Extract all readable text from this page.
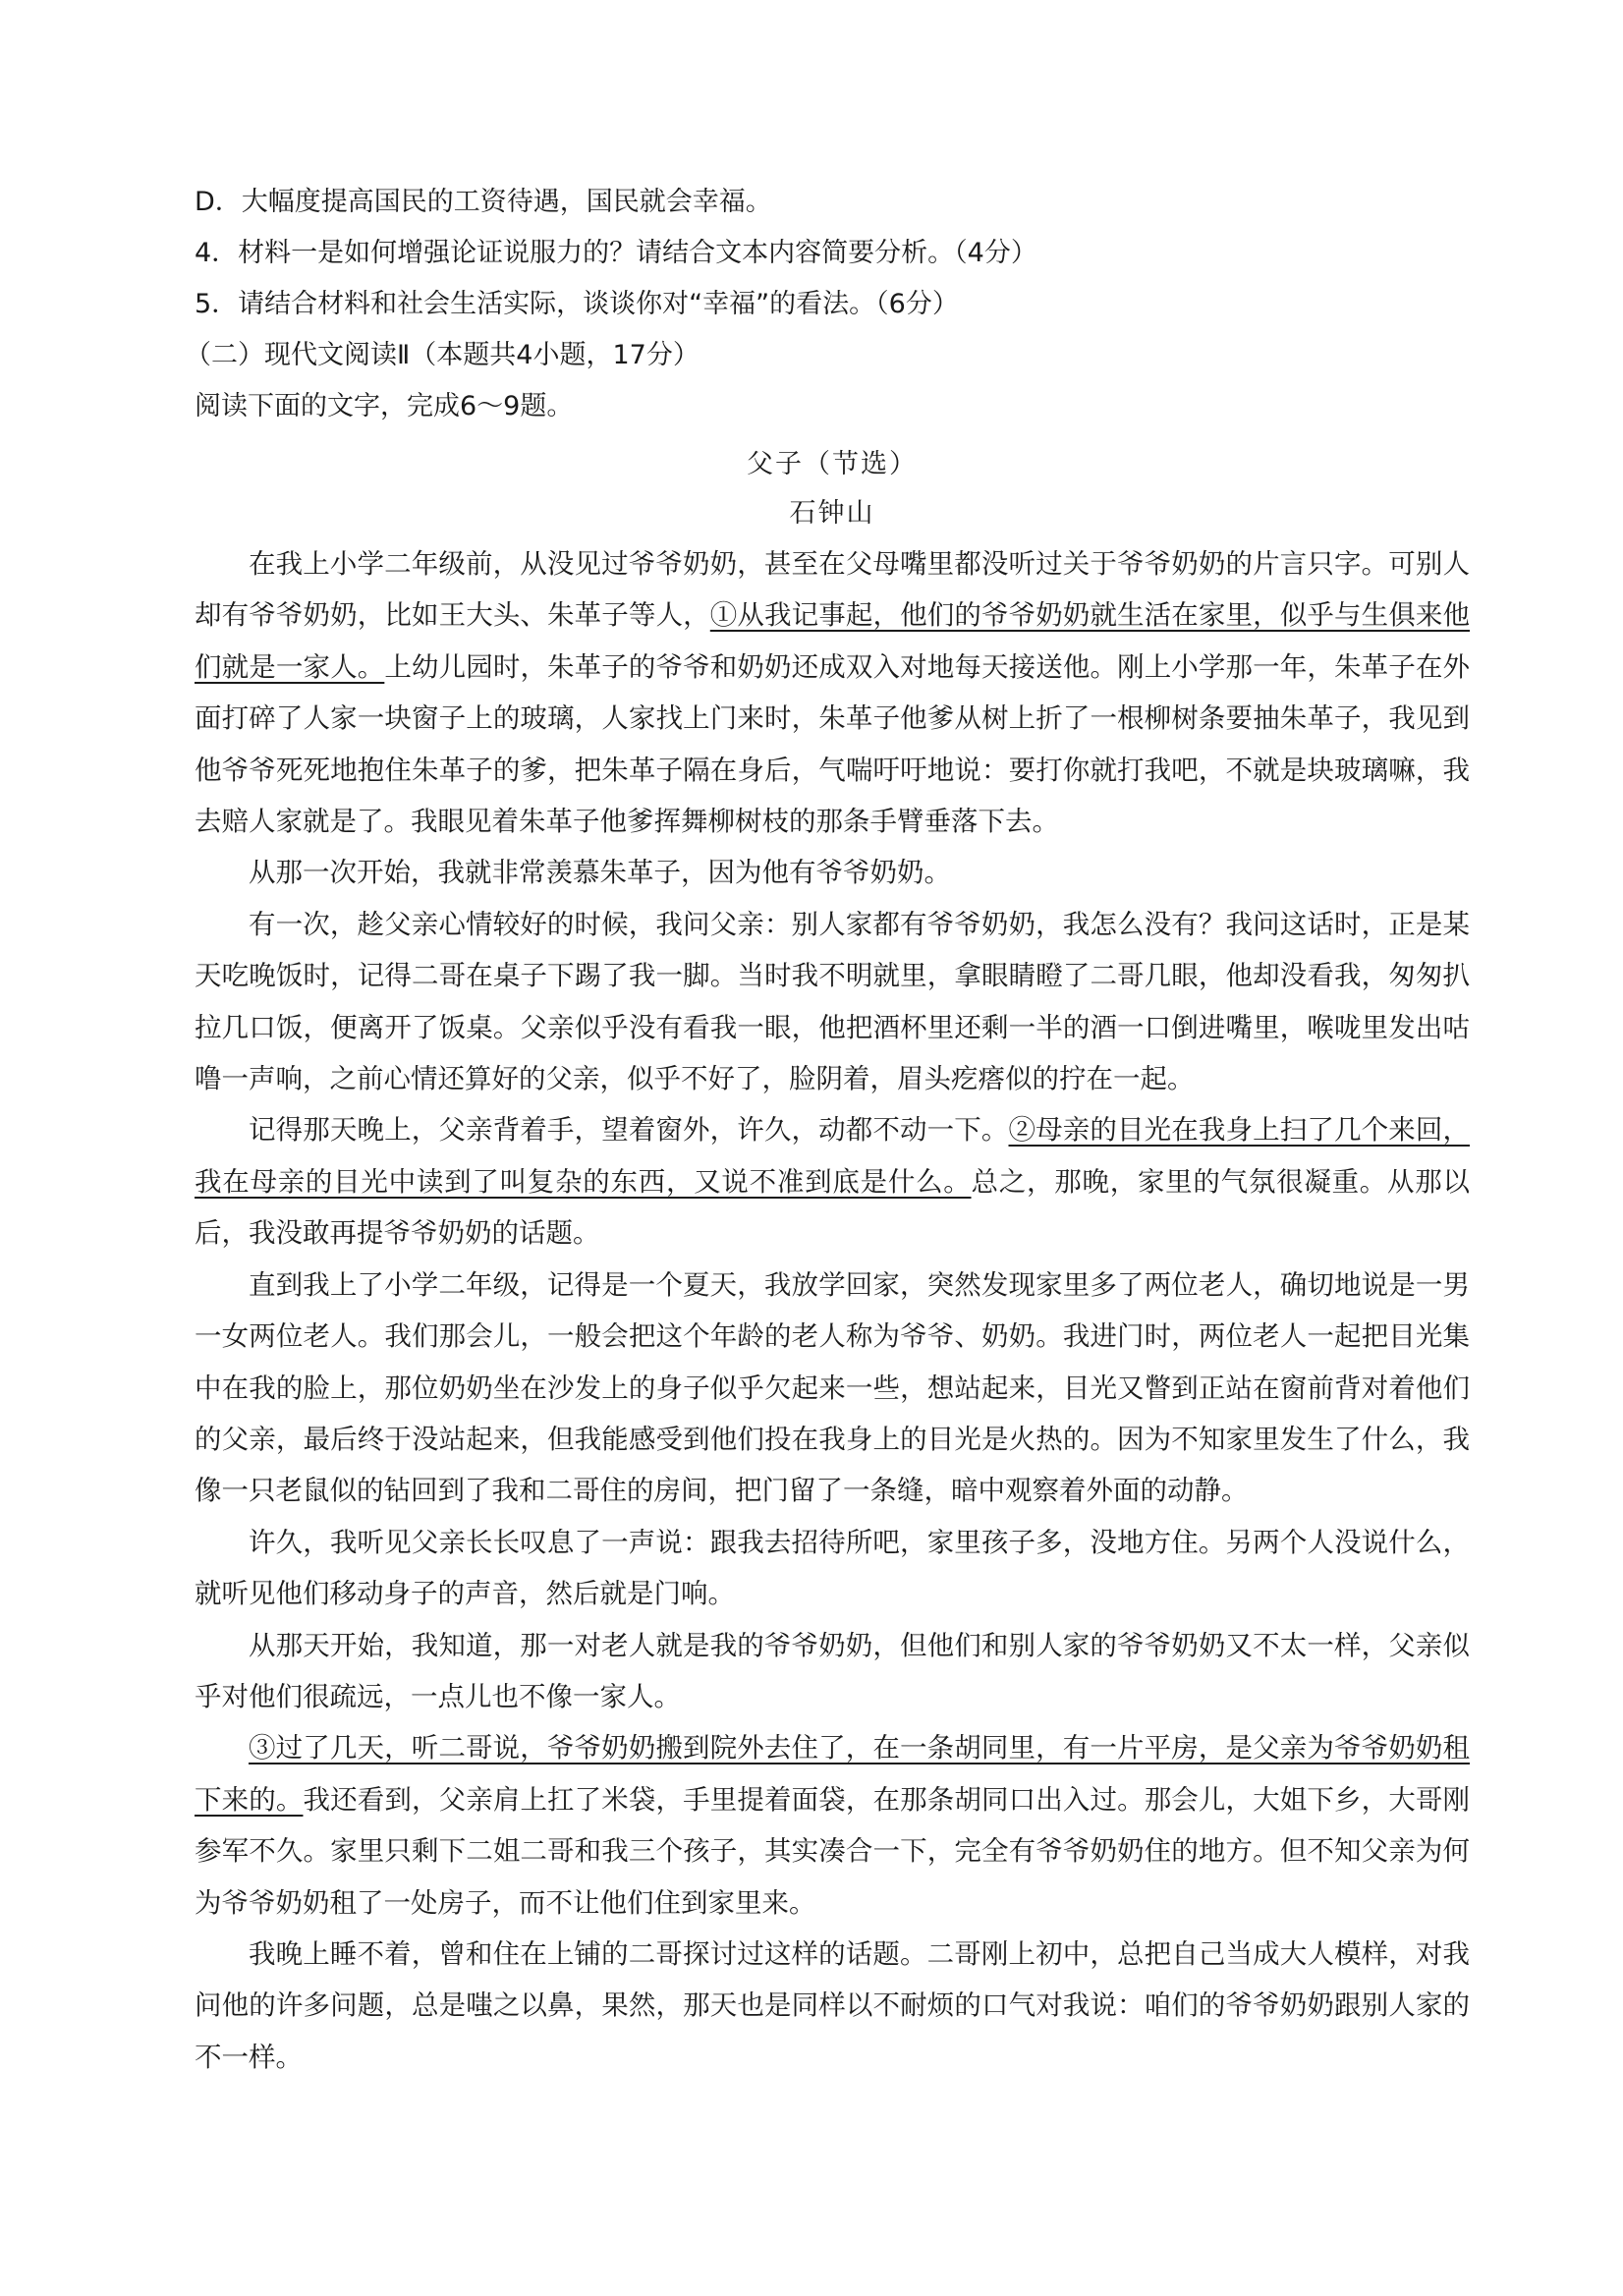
D．大幅度提高国民的工资待遇，国民就会幸福。
4．材料一是如何增强论证说服力的？请结合文本内容简要分析。（4分）
5．请结合材料和社会生活实际，谈谈你对“幸福”的看法。（6分）
（二）现代文阅读Ⅱ（本题共4小题，17分）
阅读下面的文字，完成6～9题。
父子（节选）
石钟山

在我上小学二年级前，从没见过爷爷奶奶，甚至在父母嘴里都没听过关于爷爷奶奶的片言只字。可别人却有爷爷奶奶，比如王大头、朱革子等人，①从我记事起，他们的爷爷奶奶就生活在家里，似乎与生俱来他们就是一家人。上幼儿园时，朱革子的爷爷和奶奶还成双入对地每天接送他。刚上小学那一年，朱革子在外面打碎了人家一块窗子上的玻璃，人家找上门来时，朱革子他爹从树上折了一根柳树条要抽朱革子，我见到他爷爷死死地抱住朱革子的爹，把朱革子隔在身后，气喘吁吁地说：要打你就打我吧，不就是块玻璃嘛，我去赔人家就是了。我眼见着朱革子他爹挥舞柳树枝的那条手臂垂落下去。

从那一次开始，我就非常羡慕朱革子，因为他有爷爷奶奶。

有一次，趁父亲心情较好的时候，我问父亲：别人家都有爷爷奶奶，我怎么没有？我问这话时，正是某天吃晚饭时，记得二哥在桌子下踢了我一脚。当时我不明就里，拿眼睛瞪了二哥几眼，他却没看我，匆匆扒拉几口饭，便离开了饭桌。父亲似乎没有看我一眼，他把酒杯里还剩一半的酒一口倒进嘴里，喉咙里发出咕噜一声响，之前心情还算好的父亲，似乎不好了，脸阴着，眉头疙瘩似的拧在一起。

记得那天晚上，父亲背着手，望着窗外，许久，动都不动一下。②母亲的目光在我身上扫了几个来回，我在母亲的目光中读到了叫复杂的东西，又说不准到底是什么。总之，那晚，家里的气氛很凝重。从那以后，我没敢再提爷爷奶奶的话题。

直到我上了小学二年级，记得是一个夏天，我放学回家，突然发现家里多了两位老人，确切地说是一男一女两位老人。我们那会儿，一般会把这个年龄的老人称为爷爷、奶奶。我进门时，两位老人一起把目光集中在我的脸上，那位奶奶坐在沙发上的身子似乎欠起来一些，想站起来，目光又瞥到正站在窗前背对着他们的父亲，最后终于没站起来，但我能感受到他们投在我身上的目光是火热的。因为不知家里发生了什么，我像一只老鼠似的钻回到了我和二哥住的房间，把门留了一条缝，暗中观察着外面的动静。

许久，我听见父亲长长叹息了一声说：跟我去招待所吧，家里孩子多，没地方住。另两个人没说什么，就听见他们移动身子的声音，然后就是门响。

从那天开始，我知道，那一对老人就是我的爷爷奶奶，但他们和别人家的爷爷奶奶又不太一样，父亲似乎对他们很疏远，一点儿也不像一家人。

③过了几天，听二哥说，爷爷奶奶搬到院外去住了，在一条胡同里，有一片平房，是父亲为爷爷奶奶租下来的。我还看到，父亲肩上扛了米袋，手里提着面袋，在那条胡同口出入过。那会儿，大姐下乡，大哥刚参军不久。家里只剩下二姐二哥和我三个孩子，其实凑合一下，完全有爷爷奶奶住的地方。但不知父亲为何为爷爷奶奶租了一处房子，而不让他们住到家里来。

我晚上睡不着，曾和住在上铺的二哥探讨过这样的话题。二哥刚上初中，总把自己当成大人模样，对我问他的许多问题，总是嗤之以鼻，果然，那天也是同样以不耐烦的口气对我说：咱们的爷爷奶奶跟别人家的不一样。
